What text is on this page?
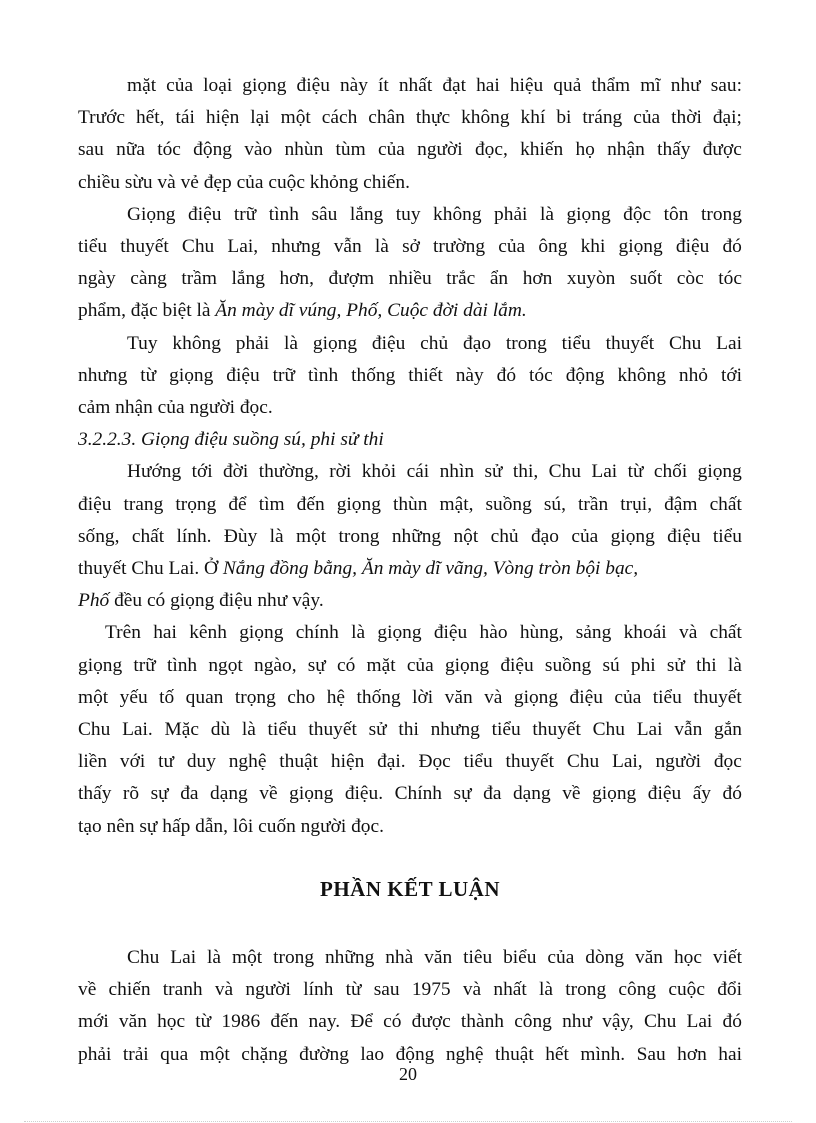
mặt của loại giọng điệu này ít nhất đạt hai hiệu quả thẩm mĩ như sau:
Trước hết, tái hiện lại một cách chân thực không khí bi tráng của thời đại;
sau nữa tóc động vào nhùn tùm của người đọc, khiến họ nhận thấy được
chiều sừu và vẻ đẹp của cuộc khỏng chiến.
Giọng điệu trữ tình sâu lắng tuy không phải là giọng độc tôn trong
tiểu thuyết Chu Lai, nhưng vẫn là sở trường của ông khi giọng điệu đó
ngày càng trầm lắng hơn, đượm nhiều trắc ẩn hơn xuyòn suốt còc tóc
phẩm, đặc biệt là Ăn mày dĩ vúng, Phố, Cuộc đời dài lắm.
Tuy không phải là giọng điệu chủ đạo trong tiểu thuyết Chu Lai
nhưng từ giọng điệu trữ tình thống thiết này đó tóc động không nhỏ tới
cảm nhận của người đọc.
3.2.2.3. Giọng điệu suồng sú, phi sử thi
Hướng tới đời thường, rời khỏi cái nhìn sử thi, Chu Lai từ chối giọng
điệu trang trọng để tìm đến giọng thùn mật, suồng sú, trần trụi, đậm chất
sống, chất lính. Đùy là một trong những nột chủ đạo của giọng điệu tiểu
thuyết Chu Lai. Ở Nắng đồng bằng, Ăn mày dĩ vãng, Vòng tròn bội bạc,
Phố đều có giọng điệu như vậy.
Trên hai kênh giọng chính là giọng điệu hào hùng, sảng khoái và chất
giọng trữ tình ngọt ngào, sự có mặt của giọng điệu suồng sú phi sử thi là
một yếu tố quan trọng cho hệ thống lời văn và giọng điệu của tiểu thuyết
Chu Lai. Mặc dù là tiểu thuyết sử thi nhưng tiểu thuyết Chu Lai vẫn gắn
liền với tư duy nghệ thuật hiện đại. Đọc tiểu thuyết Chu Lai, người đọc
thấy rõ sự đa dạng về giọng điệu. Chính sự đa dạng về giọng điệu ấy đó
tạo nên sự hấp dẫn, lôi cuốn người đọc.
PHẦN KẾT LUẬN
Chu Lai là một trong những nhà văn tiêu biểu của dòng văn học viết
về chiến tranh và người lính từ sau 1975 và nhất là trong công cuộc đổi
mới văn học từ 1986 đến nay. Để có được thành công như vậy, Chu Lai đó
phải trải qua một chặng đường lao động nghệ thuật hết mình. Sau hơn hai
20
